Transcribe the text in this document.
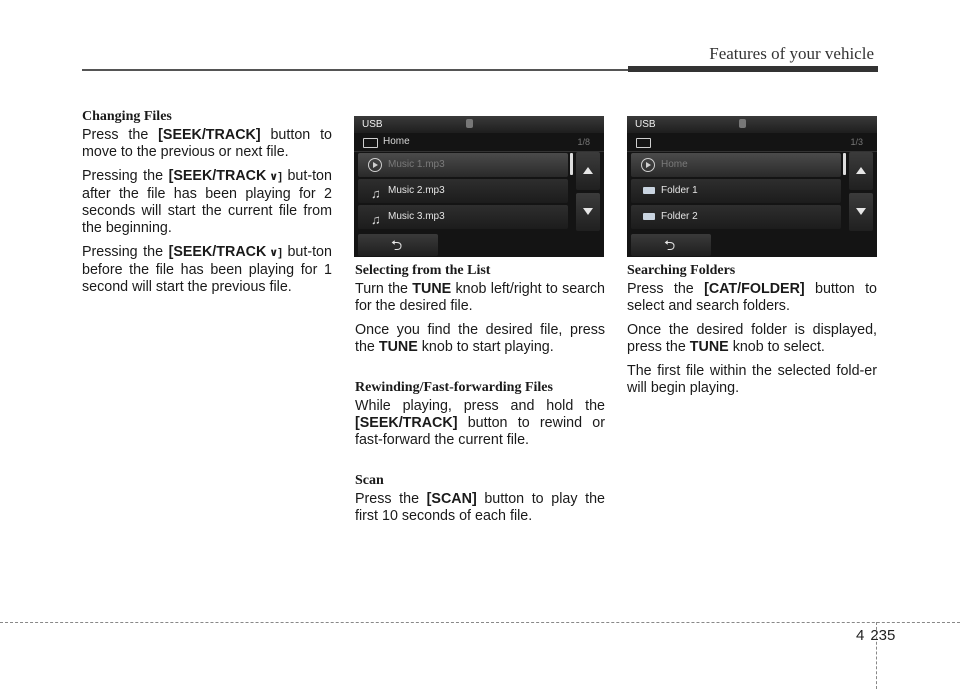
Features of your vehicle
Changing Files

Press the [SEEK/TRACK] button to move to the previous or next file.

Pressing the [SEEK/TRACK ∨] but-ton after the file has been playing for 2 seconds will start the current file from the beginning.

Pressing the [SEEK/TRACK ∨] but-ton before the file has been playing for 1 second will start the previous file.

USB
Home	1/8
Music 1.mp3
♫ Music 2.mp3
♫ Music 3.mp3
⮌
USB
1/3
Home
Folder 1
Folder 2
⮌
Selecting from the List

Turn the TUNE knob left/right to search for the desired file.

Once you find the desired file, press the TUNE knob to start playing.

Rewinding/Fast-forwarding Files

While playing, press and hold the [SEEK/TRACK] button to rewind or fast-forward the current file.

Scan

Press the [SCAN] button to play the first 10 seconds of each file.

Searching Folders

Press the [CAT/FOLDER] button to select and search folders.

Once the desired folder is displayed, press the TUNE knob to select.

The first file within the selected fold-er will begin playing.

4 235
